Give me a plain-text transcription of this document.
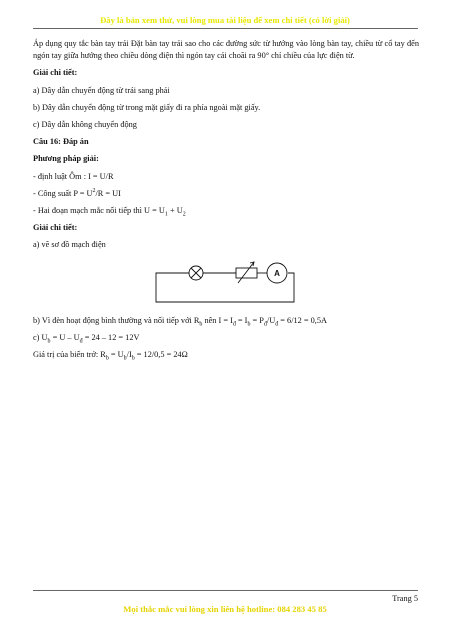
Đây là bản xem thử, vui lòng mua tài liệu để xem chi tiết (có lời giải)

Áp dụng quy tắc bàn tay trái Đặt bàn tay trái sao cho các đường sức từ hướng vào lòng bàn tay, chiều từ cổ tay đến ngón tay giữa hướng theo chiều dòng điện thì ngón tay cái choãi ra 90° chỉ chiều của lực điện từ.

Giải chi tiết:

a) Dây dẫn chuyển động từ trái sang phải

b) Dây dẫn chuyển động từ trong mặt giấy đi ra phía ngoài mặt giấy.

c) Dây dẫn không chuyển động

Câu 16: Đáp án

Phương pháp giải:

- định luật Ôm : I = U/R

- Công suất $P = U^2/R$ = UI

- Hai đoạn mạch mắc nối tiếp thì $U = U_1 + U_2$

Giải chi tiết:

a) vẽ sơ đồ mạch điện

A

b) Vì đèn hoạt động bình thường và nối tiếp với $R_b$ nên $I = I_đ = I_b = P_đ/U_đ = 6/12 = 0,5A$

c) $U_b = U - U_đ = 24 - 12 = 12V$

Giá trị của biến trở: $R_b = U_b/I_b = 12/0,5 = 24\Omega$

Trang 5
Mọi thắc mắc vui lòng xin liên hệ hotline: 084 283 45 85
